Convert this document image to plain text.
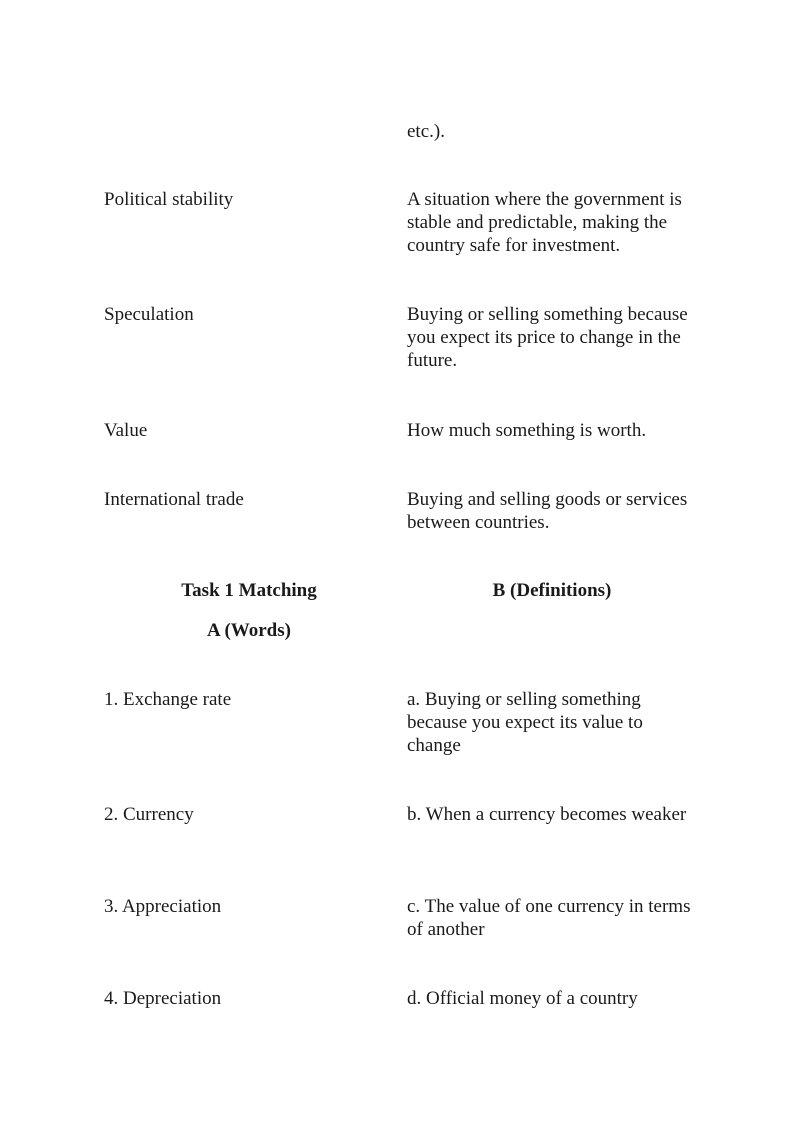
etc.).
Political stability	A situation where the government is stable and predictable, making the country safe for investment.
Speculation	Buying or selling something because you expect its price to change in the future.
Value	How much something is worth.
International trade	Buying and selling goods or services between countries.
Task 1 Matching
A (Words)
B (Definitions)
1. Exchange rate	a. Buying or selling something because you expect its value to change
2. Currency	b. When a currency becomes weaker
3. Appreciation	c. The value of one currency in terms of another
4. Depreciation	d. Official money of a country
